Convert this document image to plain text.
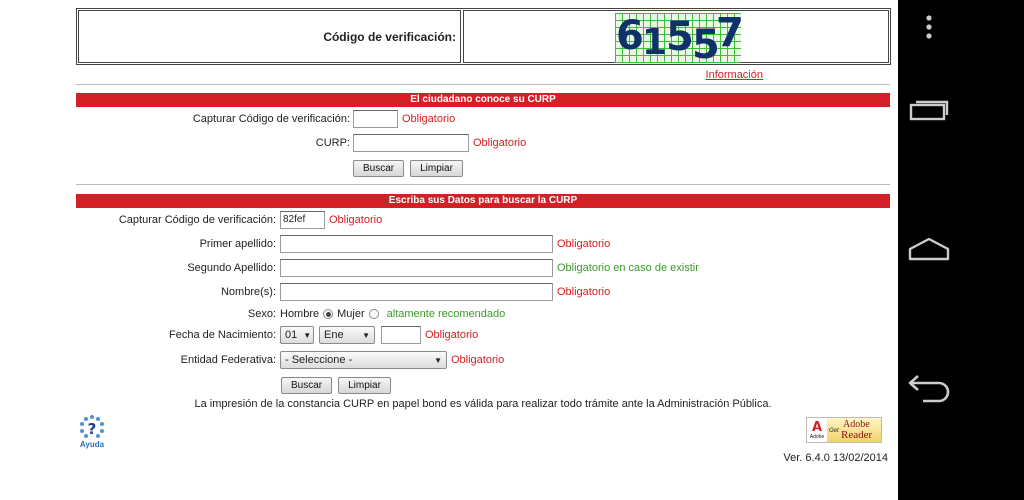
Código de verificación:	6
1
5
5
7
Información
El ciudadano conoce su CURP
Capturar Código de verificación:	Obligatorio
CURP:	Obligatorio
Buscar	Limpiar
Escriba sus Datos para buscar la CURP
Capturar Código de verificación: 82fef	Obligatorio
Primer apellido:	Obligatorio
Segundo Apellido:	Obligatorio en caso de existir
Nombre(s):	Obligatorio
Sexo: Hombre Mujer altamente recomendado
Fecha de Nacimiento: 01 ▼ Ene ▼	Obligatorio
Entidad Federativa: - Seleccione -	▼ Obligatorio
Buscar	Limpiar
La impresión de la constancia CURP en papel bond es válida para realizar todo trámite ante la Administración Pública.
?
Ayuda
A
Adobe
Get
Adobe
Reader
Ver. 6.4.0 13/02/2014
